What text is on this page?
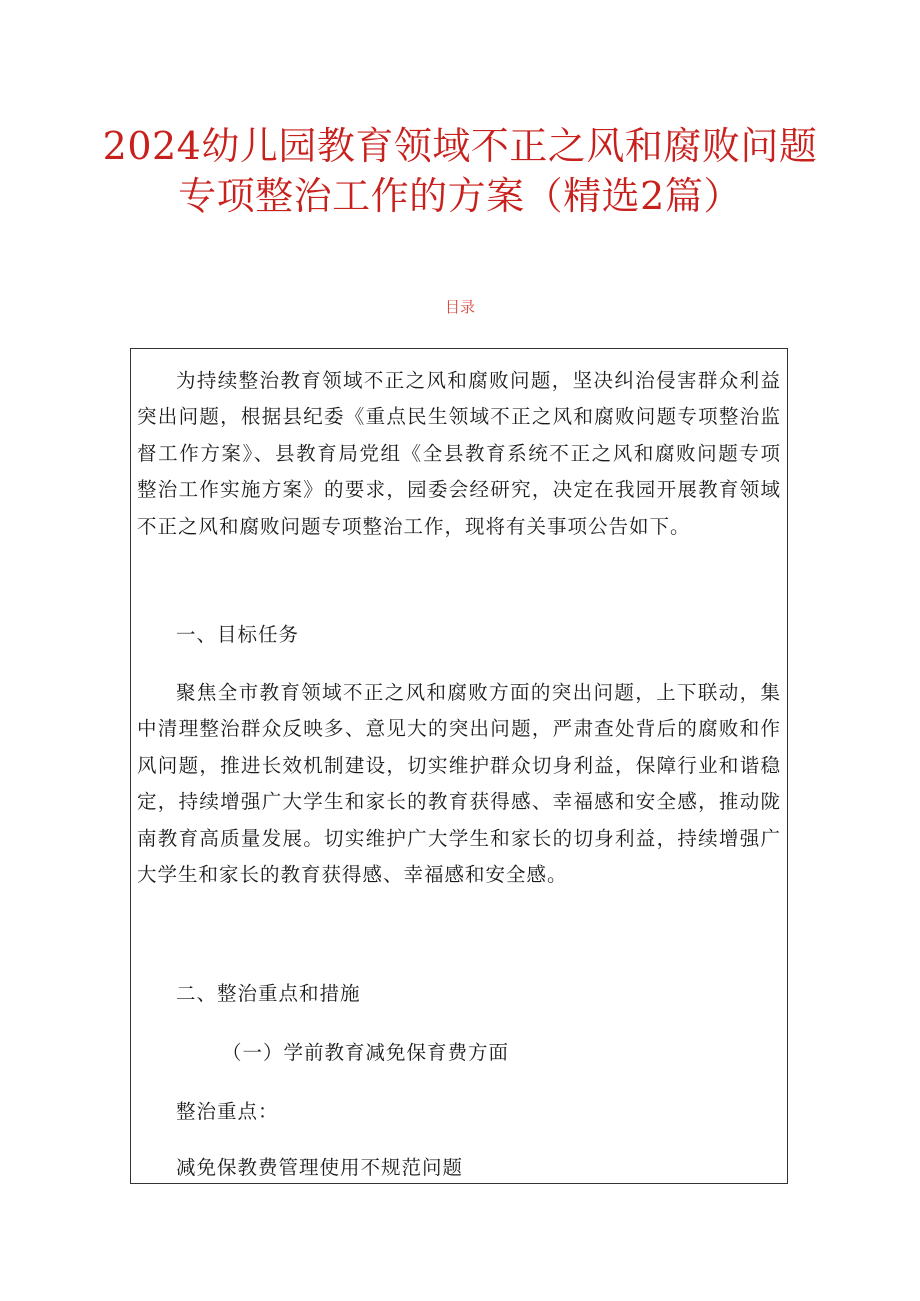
2024幼儿园教育领域不正之风和腐败问题
专项整治工作的方案（精选2篇）
目录

为持续整治教育领域不正之风和腐败问题，坚决纠治侵害群众利益突出问题，根据县纪委《重点民生领域不正之风和腐败问题专项整治监督工作方案》、县教育局党组《全县教育系统不正之风和腐败问题专项整治工作实施方案》的要求，园委会经研究，决定在我园开展教育领域不正之风和腐败问题专项整治工作，现将有关事项公告如下。

一、目标任务

聚焦全市教育领域不正之风和腐败方面的突出问题，上下联动，集中清理整治群众反映多、意见大的突出问题，严肃查处背后的腐败和作风问题，推进长效机制建设，切实维护群众切身利益，保障行业和谐稳定，持续增强广大学生和家长的教育获得感、幸福感和安全感，推动陇南教育高质量发展。切实维护广大学生和家长的切身利益，持续增强广大学生和家长的教育获得感、幸福感和安全感。

二、整治重点和措施

（一）学前教育减免保育费方面

整治重点：

减免保教费管理使用不规范问题
